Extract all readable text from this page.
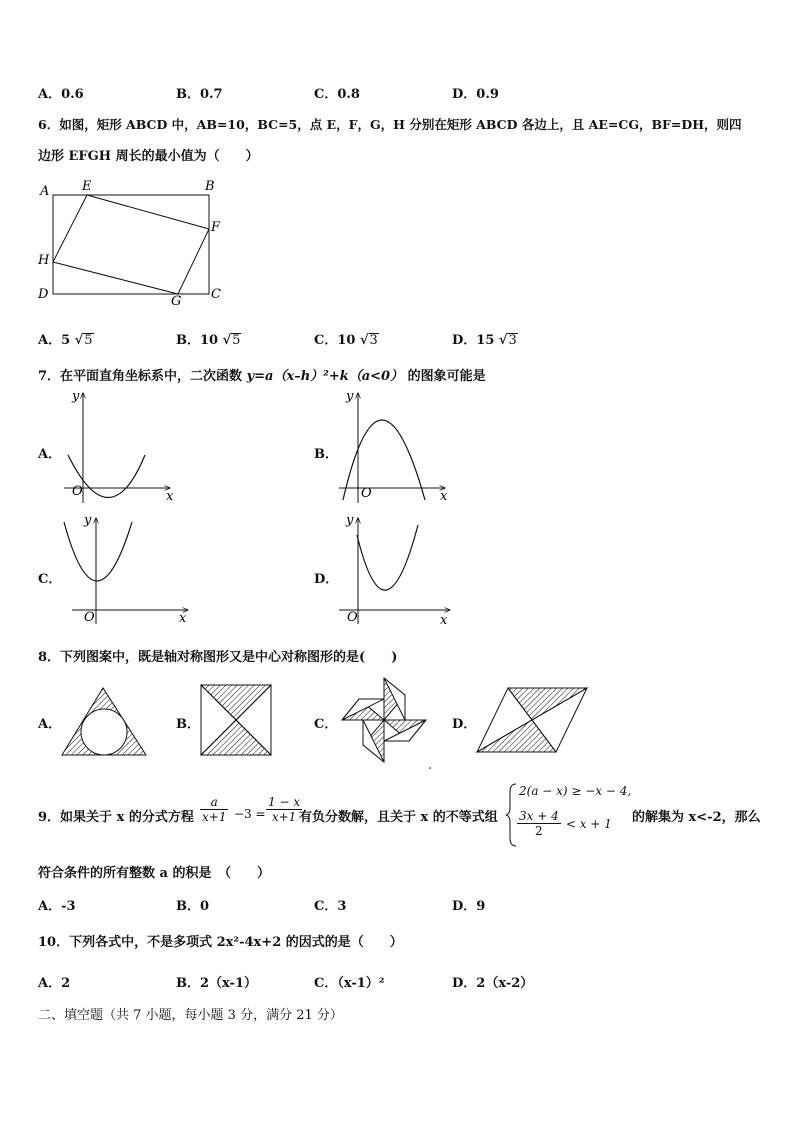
A．0.6	B．0.7	C．0.8	D．0.9
6．如图，矩形 ABCD 中，AB=10，BC=5，点 E，F，G，H 分别在矩形 ABCD 各边上，且 AE=CG，BF=DH，则四
边形 EFGH 周长的最小值为（　　）
A	E	B
F
H
D	G C
A．5 √5	B．10 √5	C．10 √3	D．15 √3
7．在平面直角坐标系中，二次函数 y=a（x–h）²+k（a<0） 的图象可能是
A．	B．
C．	D．
O	x
y
O	x
y
O	x
y
O	x
y
8．下列图案中，既是轴对称图形又是中心对称图形的是(　　)
A．	B．	C．	D．
9．如果关于 x 的分式方程 $\frac{a}{x+1} -3 = \frac{1 - x}{x+1}$
有负分数解，且关于 x 的不等式组
2(a − x) ≥ −x − 4,
$\frac{3x + 4}{2} < x + 1$ 的解集为 x<-2，那么
符合条件的所有整数 a 的积是　（　　）
A．-3	B．0	C．3	D．9
10．下列各式中，不是多项式 2x²-4x+2 的因式的是（　　）
A．2	B．2（x-1）	C．（x-1）²	D．2（x-2）
二、填空题（共 7 小题，每小题 3 分，满分 21 分）
